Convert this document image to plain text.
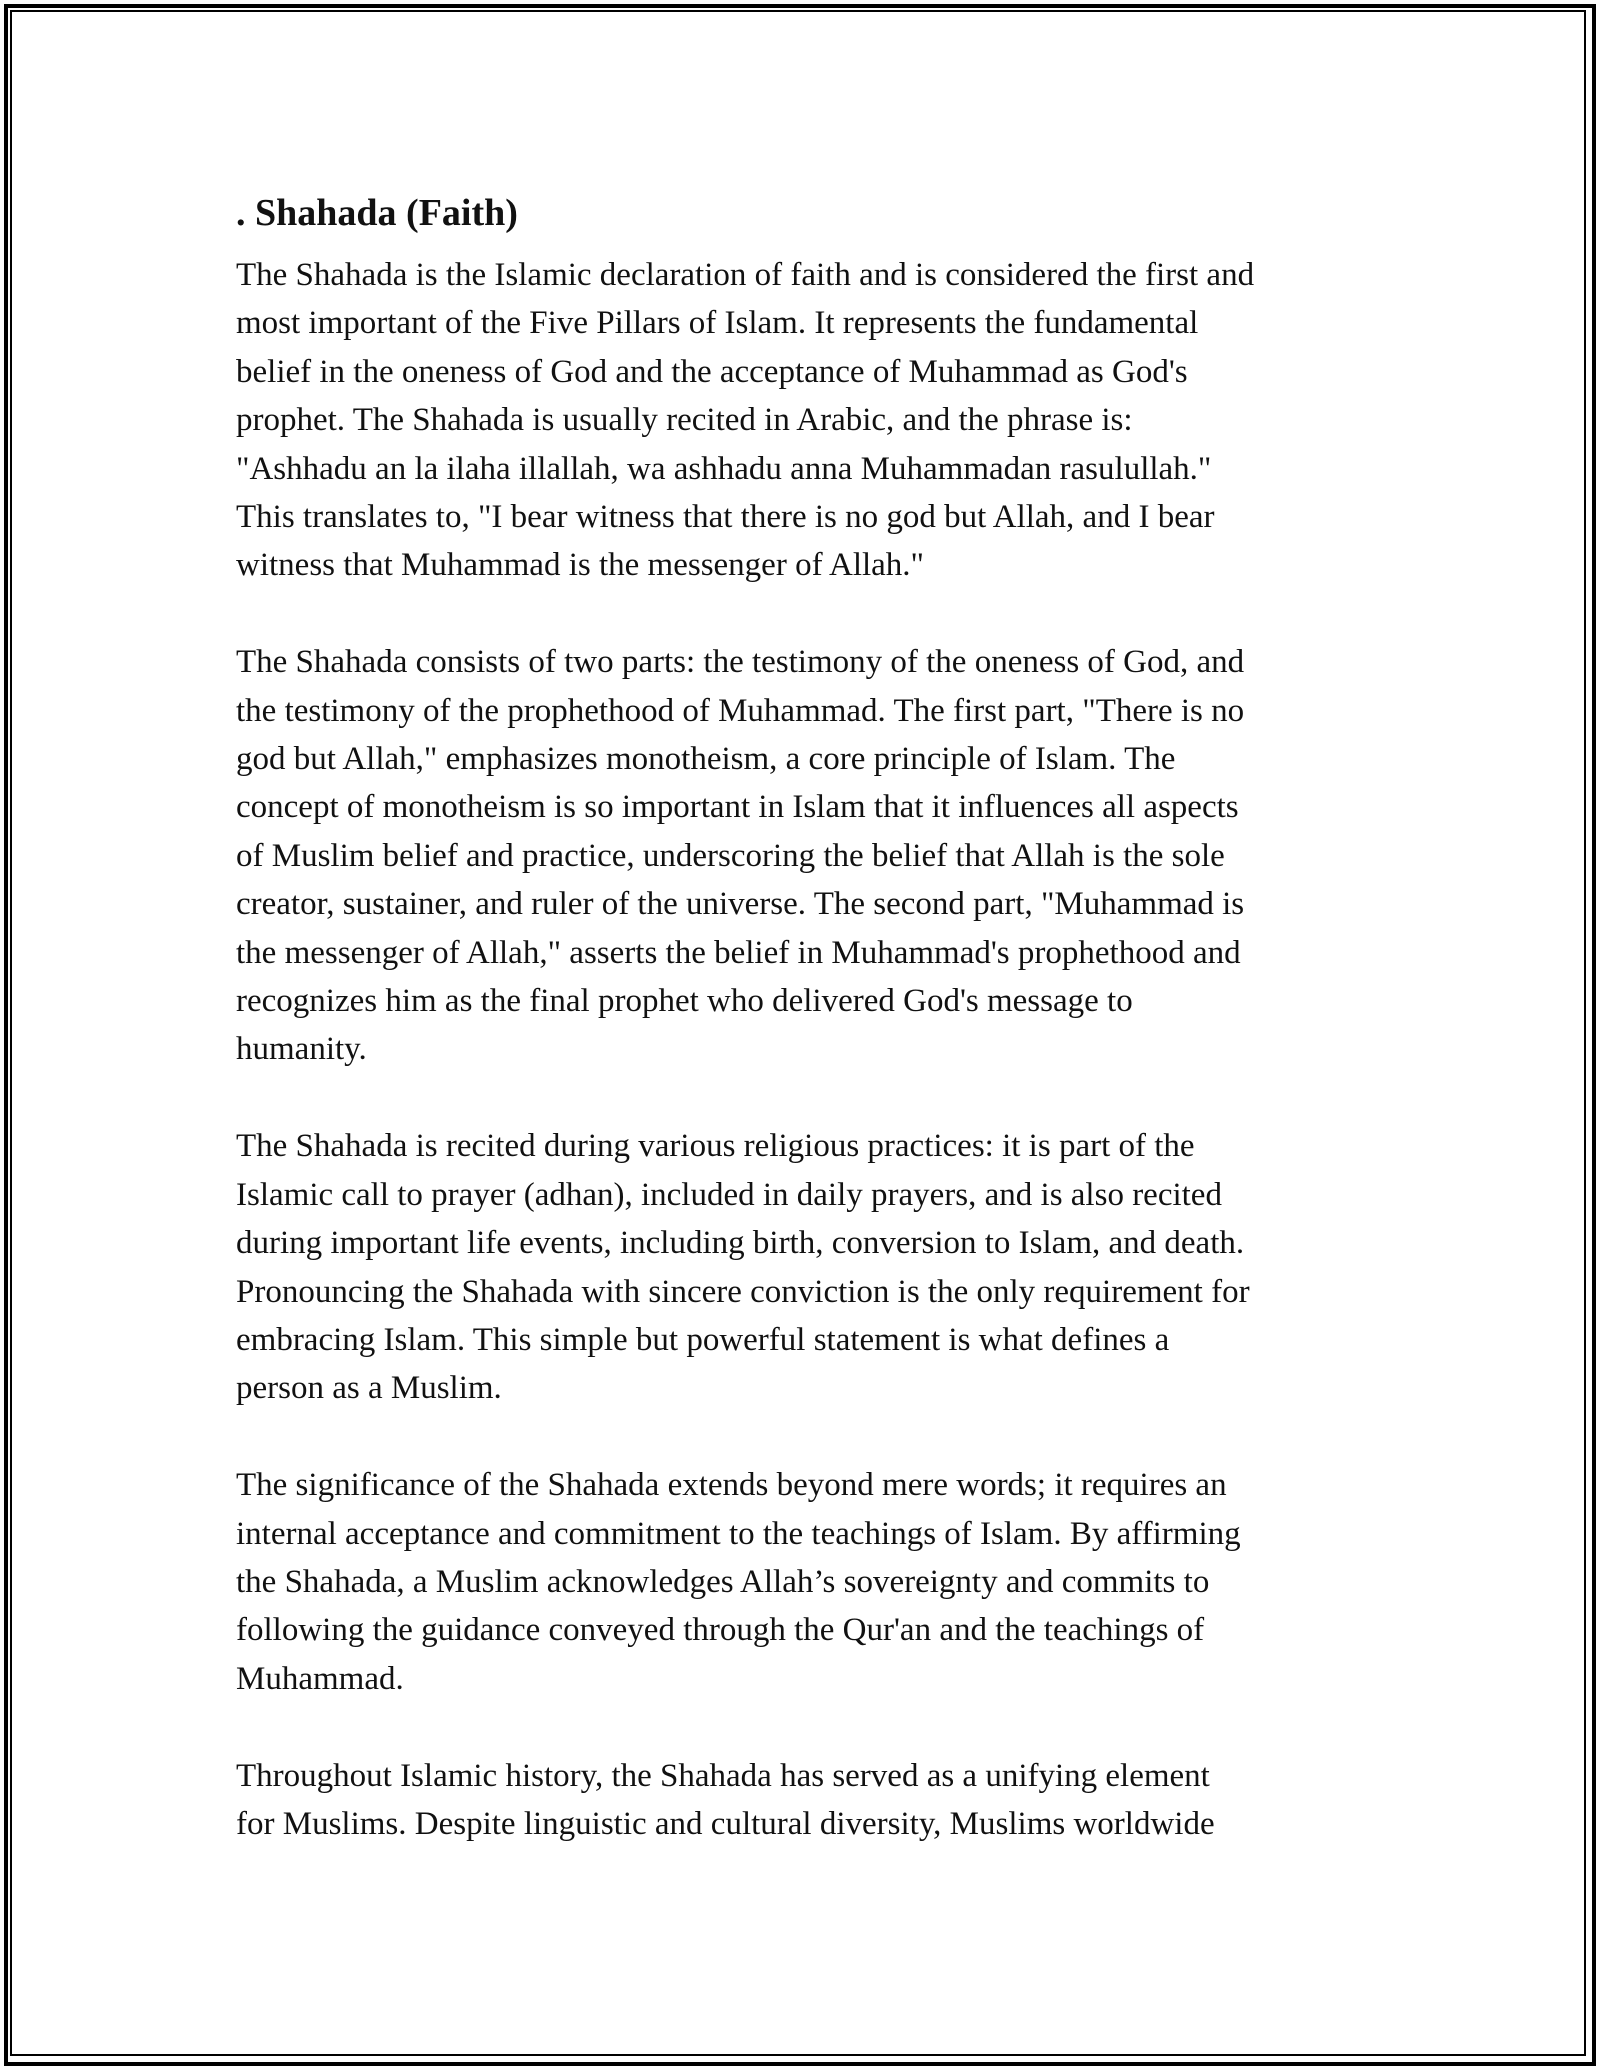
. Shahada (Faith)

The Shahada is the Islamic declaration of faith and is considered the first and
most important of the Five Pillars of Islam. It represents the fundamental
belief in the oneness of God and the acceptance of Muhammad as God's
prophet. The Shahada is usually recited in Arabic, and the phrase is:
"Ashhadu an la ilaha illallah, wa ashhadu anna Muhammadan rasulullah."
This translates to, "I bear witness that there is no god but Allah, and I bear
witness that Muhammad is the messenger of Allah."

The Shahada consists of two parts: the testimony of the oneness of God, and
the testimony of the prophethood of Muhammad. The first part, "There is no
god but Allah," emphasizes monotheism, a core principle of Islam. The
concept of monotheism is so important in Islam that it influences all aspects
of Muslim belief and practice, underscoring the belief that Allah is the sole
creator, sustainer, and ruler of the universe. The second part, "Muhammad is
the messenger of Allah," asserts the belief in Muhammad's prophethood and
recognizes him as the final prophet who delivered God's message to
humanity.

The Shahada is recited during various religious practices: it is part of the
Islamic call to prayer (adhan), included in daily prayers, and is also recited
during important life events, including birth, conversion to Islam, and death.
Pronouncing the Shahada with sincere conviction is the only requirement for
embracing Islam. This simple but powerful statement is what defines a
person as a Muslim.

The significance of the Shahada extends beyond mere words; it requires an
internal acceptance and commitment to the teachings of Islam. By affirming
the Shahada, a Muslim acknowledges Allah’s sovereignty and commits to
following the guidance conveyed through the Qur'an and the teachings of
Muhammad.

Throughout Islamic history, the Shahada has served as a unifying element
for Muslims. Despite linguistic and cultural diversity, Muslims worldwide
